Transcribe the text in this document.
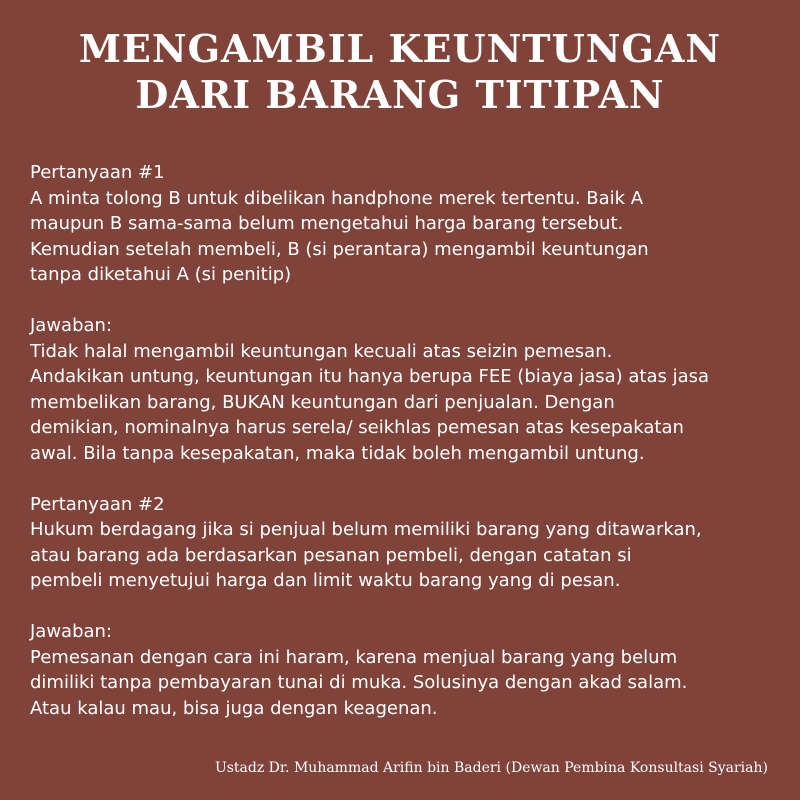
MENGAMBIL KEUNTUNGAN
DARI BARANG TITIPAN

Pertanyaan #1

A minta tolong B untuk dibelikan handphone merek tertentu. Baik A

maupun B sama-sama belum mengetahui harga barang tersebut.

Kemudian setelah membeli, B (si perantara) mengambil keuntungan

tanpa diketahui A (si penitip)

Jawaban:

Tidak halal mengambil keuntungan kecuali atas seizin pemesan.

Andakikan untung, keuntungan itu hanya berupa FEE (biaya jasa) atas jasa

membelikan barang, BUKAN keuntungan dari penjualan. Dengan

demikian, nominalnya harus serela/ seikhlas pemesan atas kesepakatan

awal. Bila tanpa kesepakatan, maka tidak boleh mengambil untung.

Pertanyaan #2

Hukum berdagang jika si penjual belum memiliki barang yang ditawarkan,

atau barang ada berdasarkan pesanan pembeli, dengan catatan si

pembeli menyetujui harga dan limit waktu barang yang di pesan.

Jawaban:

Pemesanan dengan cara ini haram, karena menjual barang yang belum

dimiliki tanpa pembayaran tunai di muka. Solusinya dengan akad salam.

Atau kalau mau, bisa juga dengan keagenan.

Ustadz Dr. Muhammad Arifin bin Baderi (Dewan Pembina Konsultasi Syariah)
